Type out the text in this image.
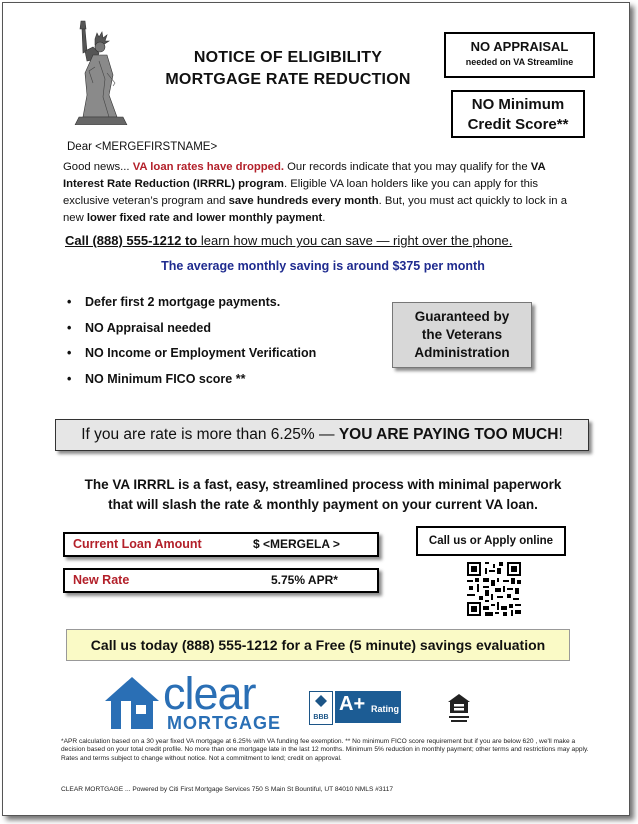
NOTICE OF ELIGIBILITY
MORTGAGE RATE REDUCTION
NO APPRAISAL
needed on VA Streamline
NO Minimum
Credit Score**
Dear <MERGEFIRSTNAME>
Good news... VA loan rates have dropped. Our records indicate that you may qualify for the VA Interest Rate Reduction (IRRRL) program. Eligible VA loan holders like you can apply for this exclusive veteran’s program and save hundreds every month. But, you must act quickly to lock in a new lower fixed rate and lower monthly payment.
Call (888) 555-1212 to learn how much you can save — right over the phone.
The average monthly saving is around $375 per month
•	Defer first 2 mortgage payments.
•	NO Appraisal needed
•	NO Income or Employment Verification
•	NO Minimum FICO score **
Guaranteed by
the Veterans
Administration
If you are rate is more than 6.25% — YOU ARE PAYING TOO MUCH!
The VA IRRRL is a fast, easy, streamlined process with minimal paperwork
that will slash the rate & monthly payment on your current VA loan.
Current Loan Amount	$ <MERGELA >
New Rate	5.75% APR*
Call us or Apply online
Call us today (888) 555-1212 for a Free (5 minute) savings evaluation
clear
MORTGAGE	BBB
A+ Rating
*APR calculation based on a 30 year fixed VA mortgage at 6.25% with VA funding fee exemption. ** No minimum FICO score requirement but if you are below 620 , we'll make a decision based on your total credit profile. No more than one mortgage late in the last 12 months. Minimum 5% reduction in monthly payment; other terms and restrictions may apply. Rates and terms subject to change without notice. Not a commitment to lend; credit on approval.
CLEAR MORTGAGE ... Powered by Citi First Mortgage Services 750 S Main St Bountiful, UT 84010 NMLS #3117
